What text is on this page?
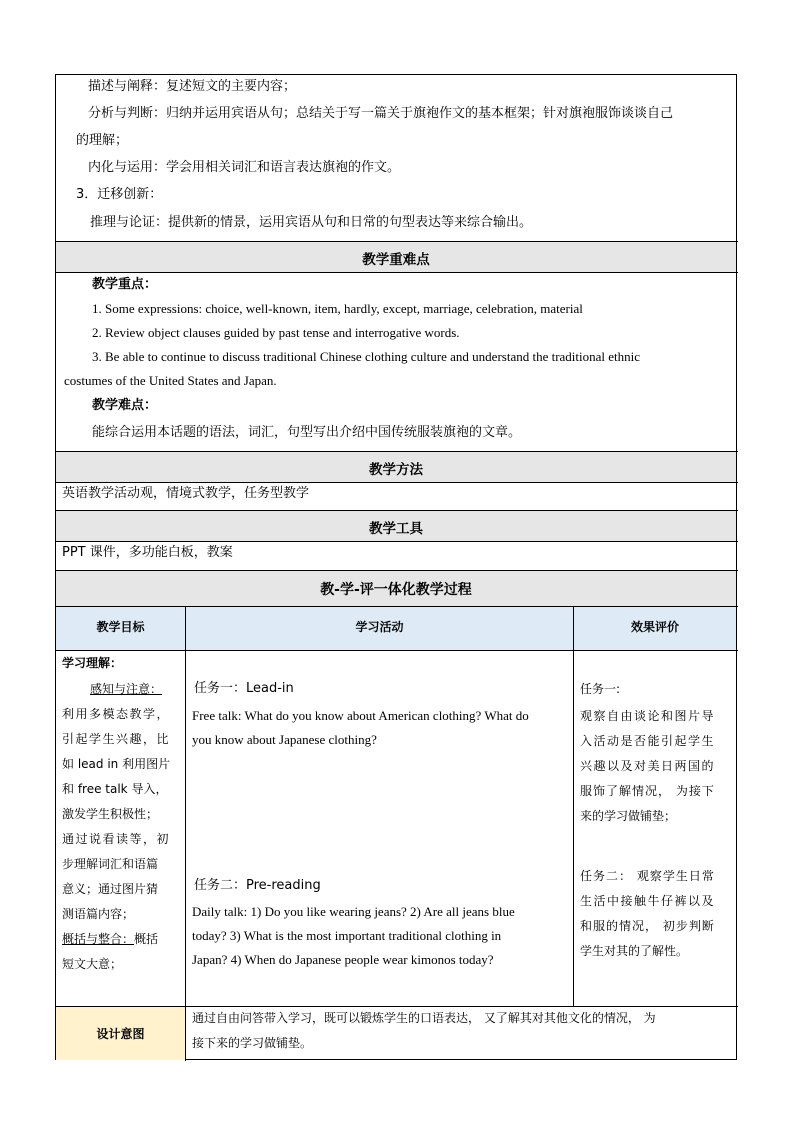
描述与阐释：复述短文的主要内容；
分析与判断：归纳并运用宾语从句；总结关于写一篇关于旗袍作文的基本框架；针对旗袍服饰谈谈自己
的理解；
内化与运用：学会用相关词汇和语言表达旗袍的作文。
3．迁移创新：
推理与论证：提供新的情景，运用宾语从句和日常的句型表达等来综合输出。
教学重难点
教学重点：
1. Some expressions: choice, well-known, item, hardly, except, marriage, celebration, material
2. Review object clauses guided by past tense and interrogative words.
3. Be able to continue to discuss traditional Chinese clothing culture and understand the traditional ethnic
costumes of the United States and Japan.
教学难点：
能综合运用本话题的语法，词汇，句型写出介绍中国传统服装旗袍的文章。
教学方法
英语教学活动观，情境式教学，任务型教学
教学工具
PPT 课件，多功能白板，教案
教-学-评一体化教学过程
教学目标	学习活动	效果评价
学习理解：
感知与注意：
利用多模态教学，
引起学生兴趣，比
如 lead in 利用图片
和 free talk 导入，
激发学生积极性；
通过说看读等，初
步理解词汇和语篇
意义；通过图片猜
测语篇内容；
概括与整合：概括
短文大意；
任务一：Lead-in
Free talk: What do you know about American clothing? What do
you know about Japanese clothing?
任务二：Pre-reading
Daily talk: 1) Do you like wearing jeans? 2) Are all jeans blue
today? 3) What is the most important traditional clothing in
Japan? 4) When do Japanese people wear kimonos today?
任务一:
观察自由谈论和图片导
入活动是否能引起学生
兴趣以及对美日两国的
服饰了解情况， 为接下
来的学习做铺垫；
任务二： 观察学生日常
生活中接触牛仔裤以及
和服的情况， 初步判断
学生对其的了解性。
设计意图
通过自由问答带入学习，既可以锻炼学生的口语表达， 又了解其对其他文化的情况， 为
接下来的学习做铺垫。
